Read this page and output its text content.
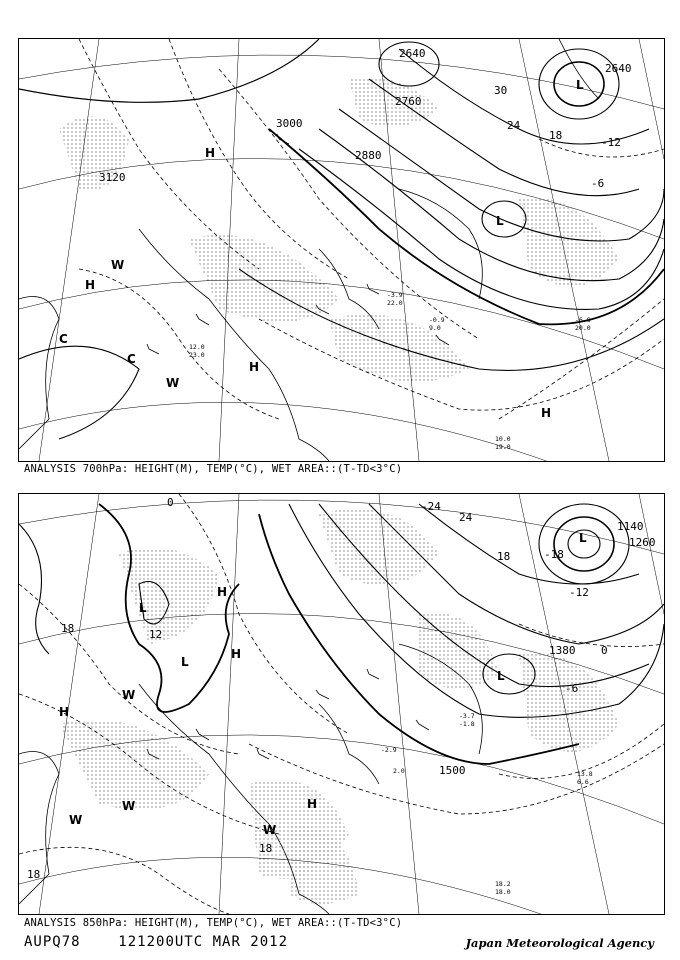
3000
3120
2880
2760
2640
2640
30
24
18
-12
-6
H
H
H
H
L
L
C
C
W
W
10.0
19.0
12.0
23.0
-0.9
9.0
-3.9
22.0
-6.8
20.0
ANALYSIS 700hPa: HEIGHT(M), TEMP(°C), WET AREA::(T-TD<3°C)
1500
1380
1140
1260
24
18	-18
-12
-6
0
18
18
18
12
0	-24
H
H
H
H
L
L
L
L
W
W
W
W
18.2
18.0
13.8
6.6
-2.9
2.0
-3.7
-1.8
ANALYSIS 850hPa: HEIGHT(M), TEMP(°C), WET AREA::(T-TD<3°C)
AUPQ78	121200UTC MAR 2012	Japan Meteorological Agency
